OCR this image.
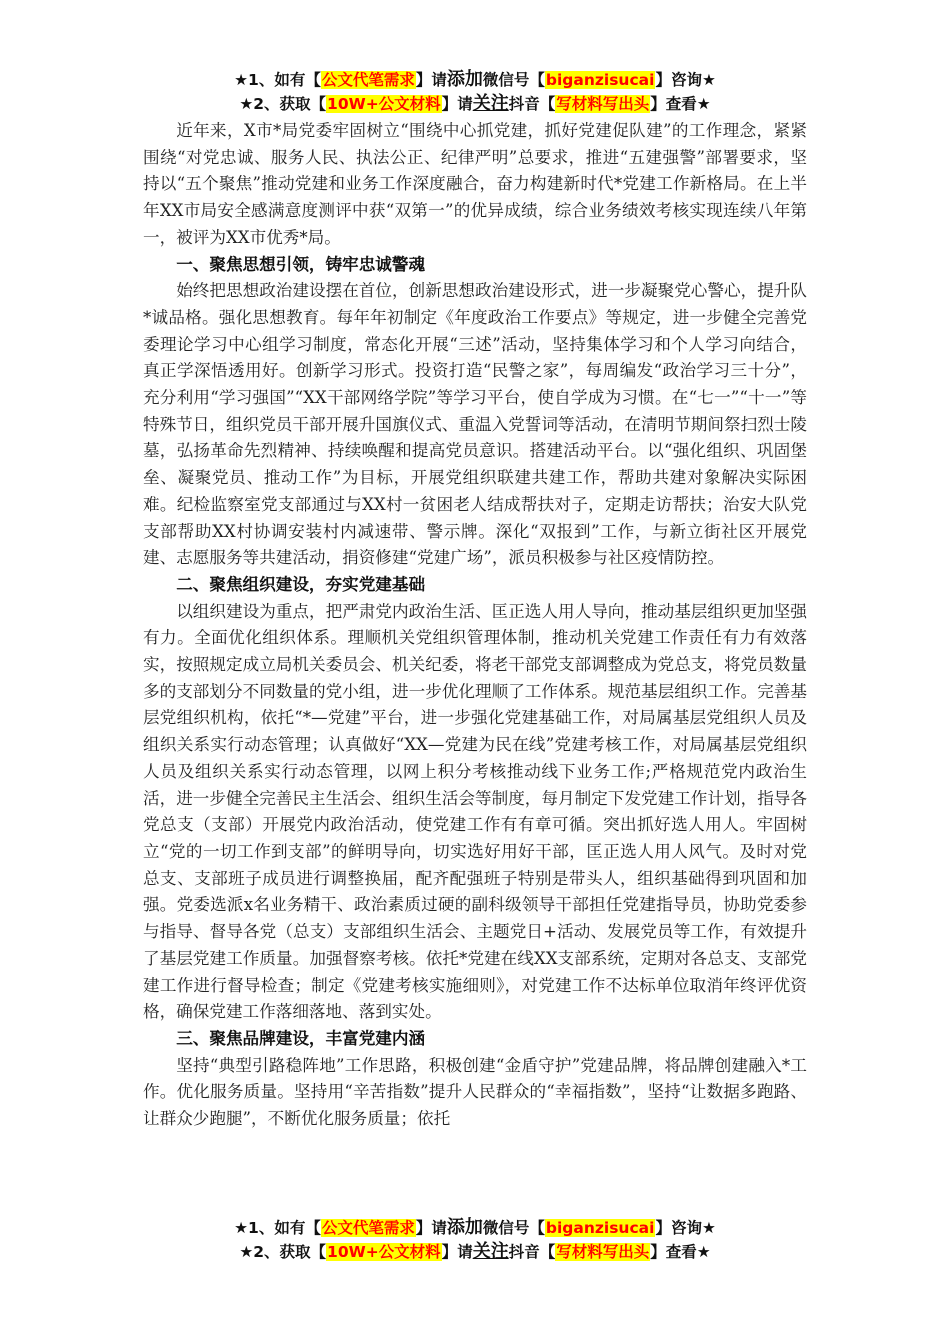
★1、如有【公文代笔需求】请添加微信号【biganzisucai】咨询★
★2、获取【10W+公文材料】请关注抖音【写材料写出头】查看★

近年来，X市*局党委牢固树立“围绕中心抓党建，抓好党建促队建”的工作理念，紧紧围绕“对党忠诚、服务人民、执法公正、纪律严明”总要求，推进“五建强警”部署要求，坚持以“五个聚焦”推动党建和业务工作深度融合，奋力构建新时代*党建工作新格局。在上半年XX市局安全感满意度测评中获“双第一”的优异成绩，综合业务绩效考核实现连续八年第一，被评为XX市优秀*局。

一、聚焦思想引领，铸牢忠诚警魂

始终把思想政治建设摆在首位，创新思想政治建设形式，进一步凝聚党心警心，提升队*诚品格。强化思想教育。每年年初制定《年度政治工作要点》等规定，进一步健全完善党委理论学习中心组学习制度，常态化开展“三述”活动，坚持集体学习和个人学习向结合，真正学深悟透用好。创新学习形式。投资打造“民警之家”，每周编发“政治学习三十分”，充分利用“学习强国”“XX干部网络学院”等学习平台，使自学成为习惯。在“七一”“十一”等特殊节日，组织党员干部开展升国旗仪式、重温入党誓词等活动，在清明节期间祭扫烈士陵墓，弘扬革命先烈精神、持续唤醒和提高党员意识。搭建活动平台。以“强化组织、巩固堡垒、凝聚党员、推动工作”为目标，开展党组织联建共建工作，帮助共建对象解决实际困难。纪检监察室党支部通过与XX村一贫困老人结成帮扶对子，定期走访帮扶；治安大队党支部帮助XX村协调安装村内减速带、警示牌。深化“双报到”工作，与新立街社区开展党建、志愿服务等共建活动，捐资修建“党建广场”，派员积极参与社区疫情防控。

二、聚焦组织建设，夯实党建基础

以组织建设为重点，把严肃党内政治生活、匡正选人用人导向，推动基层组织更加坚强有力。全面优化组织体系。理顺机关党组织管理体制，推动机关党建工作责任有力有效落实，按照规定成立局机关委员会、机关纪委，将老干部党支部调整成为党总支，将党员数量多的支部划分不同数量的党小组，进一步优化理顺了工作体系。规范基层组织工作。完善基层党组织机构，依托“*—党建”平台，进一步强化党建基础工作，对局属基层党组织人员及组织关系实行动态管理；认真做好“XX—党建为民在线”党建考核工作，对局属基层党组织人员及组织关系实行动态管理，以网上积分考核推动线下业务工作;严格规范党内政治生活，进一步健全完善民主生活会、组织生活会等制度，每月制定下发党建工作计划，指导各党总支（支部）开展党内政治活动，使党建工作有有章可循。突出抓好选人用人。牢固树立“党的一切工作到支部”的鲜明导向，切实选好用好干部，匡正选人用人风气。及时对党总支、支部班子成员进行调整换届，配齐配强班子特别是带头人，组织基础得到巩固和加强。党委选派x名业务精干、政治素质过硬的副科级领导干部担任党建指导员，协助党委参与指导、督导各党（总支）支部组织生活会、主题党日+活动、发展党员等工作，有效提升了基层党建工作质量。加强督察考核。依托*党建在线XX支部系统，定期对各总支、支部党建工作进行督导检查；制定《党建考核实施细则》，对党建工作不达标单位取消年终评优资格，确保党建工作落细落地、落到实处。

三、聚焦品牌建设，丰富党建内涵

坚持“典型引路稳阵地”工作思路，积极创建“金盾守护”党建品牌，将品牌创建融入*工作。优化服务质量。坚持用“辛苦指数”提升人民群众的“幸福指数”，坚持“让数据多跑路、让群众少跑腿”，不断优化服务质量；依托

★1、如有【公文代笔需求】请添加微信号【biganzisucai】咨询★
★2、获取【10W+公文材料】请关注抖音【写材料写出头】查看★
